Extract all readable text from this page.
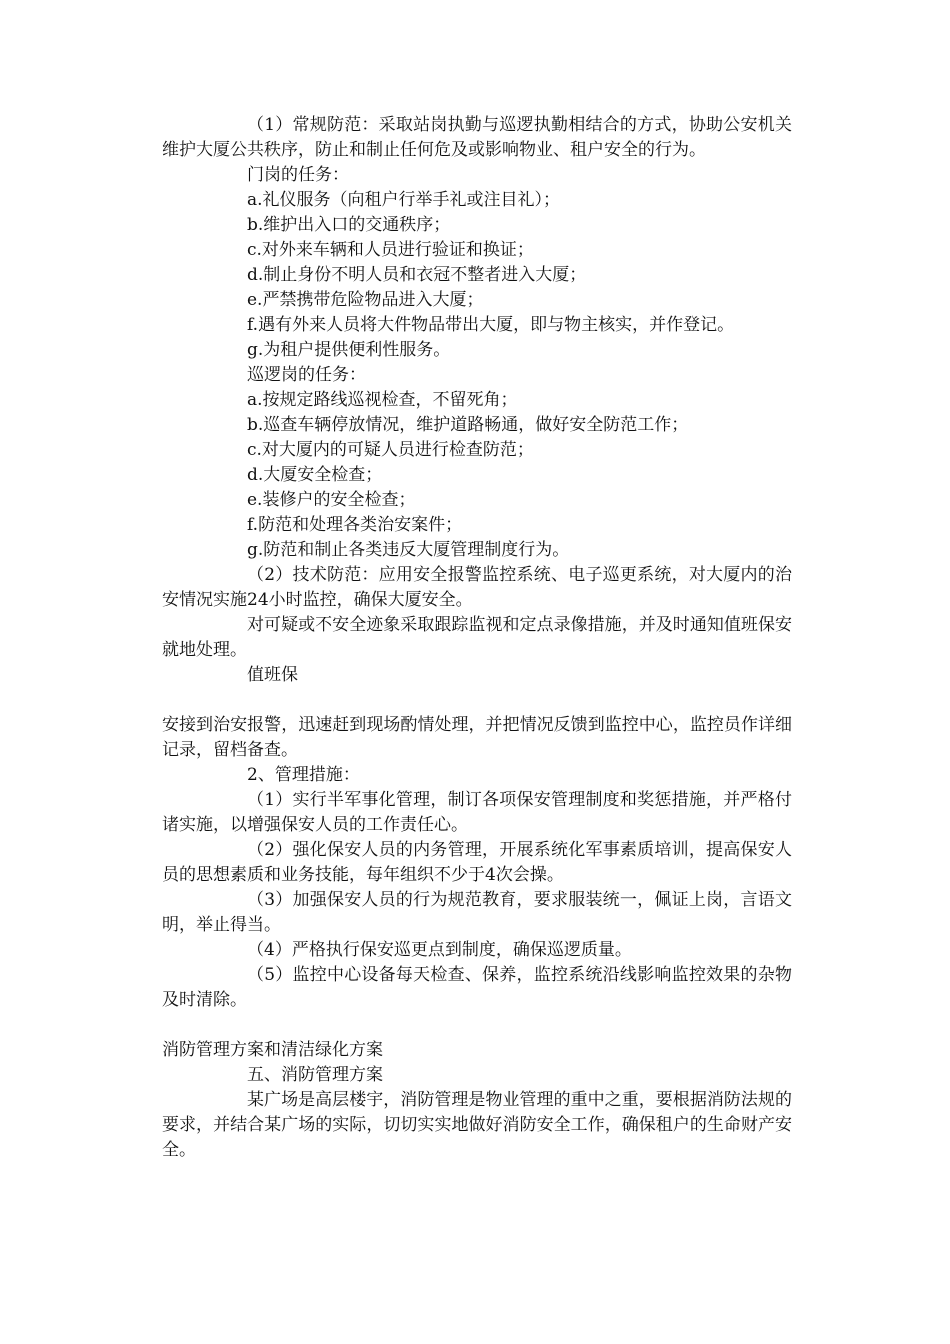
（1）常规防范：采取站岗执勤与巡逻执勤相结合的方式，协助公安机关维护大厦公共秩序，防止和制止任何危及或影响物业、租户安全的行为。

门岗的任务：

a.礼仪服务（向租户行举手礼或注目礼）；

b.维护出入口的交通秩序；

c.对外来车辆和人员进行验证和换证；

d.制止身份不明人员和衣冠不整者进入大厦；

e.严禁携带危险物品进入大厦；

f.遇有外来人员将大件物品带出大厦，即与物主核实，并作登记。

g.为租户提供便利性服务。

巡逻岗的任务：

a.按规定路线巡视检查，不留死角；

b.巡查车辆停放情况，维护道路畅通，做好安全防范工作；

c.对大厦内的可疑人员进行检查防范；

d.大厦安全检查；

e.装修户的安全检查；

f.防范和处理各类治安案件；

g.防范和制止各类违反大厦管理制度行为。

（2）技术防范：应用安全报警监控系统、电子巡更系统，对大厦内的治安情况实施24小时监控，确保大厦安全。

对可疑或不安全迹象采取跟踪监视和定点录像措施，并及时通知值班保安就地处理。

值班保

安接到治安报警，迅速赶到现场酌情处理，并把情况反馈到监控中心，监控员作详细记录，留档备查。

2、管理措施：

（1）实行半军事化管理，制订各项保安管理制度和奖惩措施，并严格付诸实施，以增强保安人员的工作责任心。

（2）强化保安人员的内务管理，开展系统化军事素质培训，提高保安人员的思想素质和业务技能，每年组织不少于4次会操。

（3）加强保安人员的行为规范教育，要求服装统一，佩证上岗，言语文明，举止得当。

（4）严格执行保安巡更点到制度，确保巡逻质量。

（5）监控中心设备每天检查、保养，监控系统沿线影响监控效果的杂物及时清除。

消防管理方案和清洁绿化方案

五、消防管理方案

某广场是高层楼宇，消防管理是物业管理的重中之重，要根据消防法规的要求，并结合某广场的实际，切切实实地做好消防安全工作，确保租户的生命财产安全。
